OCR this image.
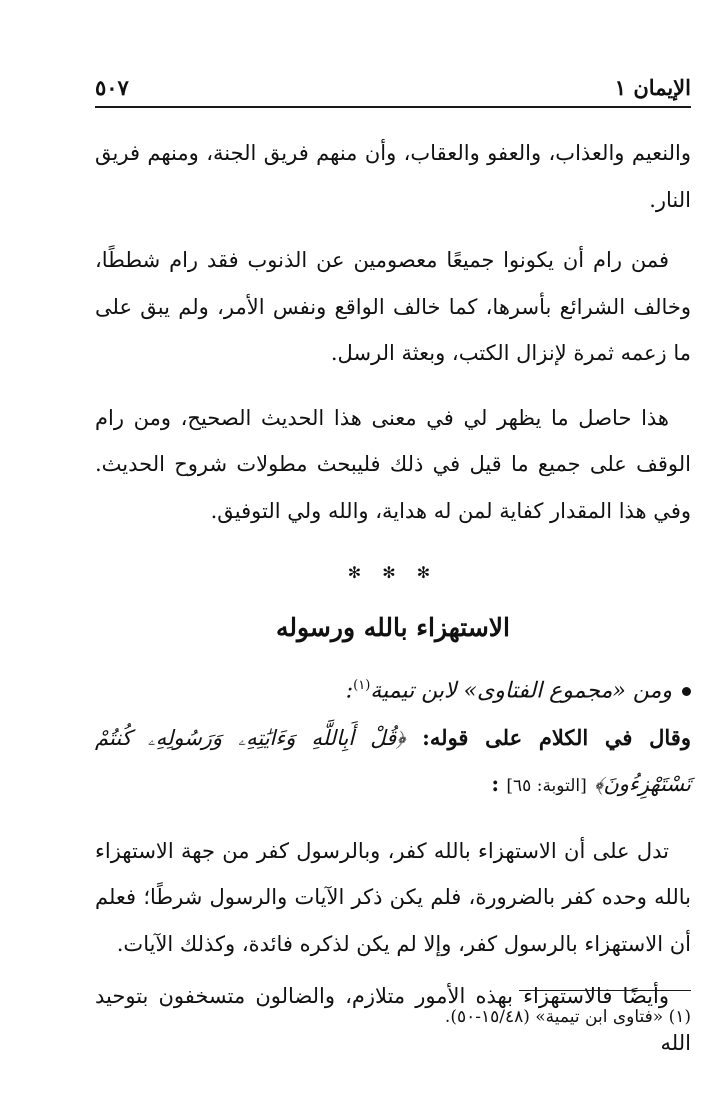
الإيمان ١
٥٠٧

والنعيم والعذاب، والعفو والعقاب، وأن منهم فريق الجنة، ومنهم فريق النار.

فمن رام أن يكونوا جميعًا معصومين عن الذنوب فقد رام شططًا، وخالف الشرائع بأسرها، كما خالف الواقع ونفس الأمر، ولم يبق على ما زعمه ثمرة لإنزال الكتب، وبعثة الرسل.

هذا حاصل ما يظهر لي في معنى هذا الحديث الصحيح، ومن رام الوقف على جميع ما قيل في ذلك فليبحث مطولات شروح الحديث. وفي هذا المقدار كفاية لمن له هداية، والله ولي التوفيق.

✻ ✻ ✻
الاستهزاء بالله ورسوله

ومن «مجموع الفتاوى» لابن تيمية$^{(١)}$:

وقال في الكلام على قوله: ﴿قُلْ أَبِاللَّهِ وَءَايَٰتِهِۦ وَرَسُولِهِۦ كُنتُمْ تَسْتَهْزِءُونَ﴾ [التوبة: ٦٥] :

تدل على أن الاستهزاء بالله كفر، وبالرسول كفر من جهة الاستهزاء بالله وحده كفر بالضرورة، فلم يكن ذكر الآيات والرسول شرطًا؛ فعلم أن الاستهزاء بالرسول كفر، وإلا لم يكن لذكره فائدة، وكذلك الآيات.

وأيضًا فالاستهزاء بهذه الأمور متلازم، والضالون متسخفون بتوحيد الله

(١) «فتاوى ابن تيمية» (١٥/٤٨-٥٠).
